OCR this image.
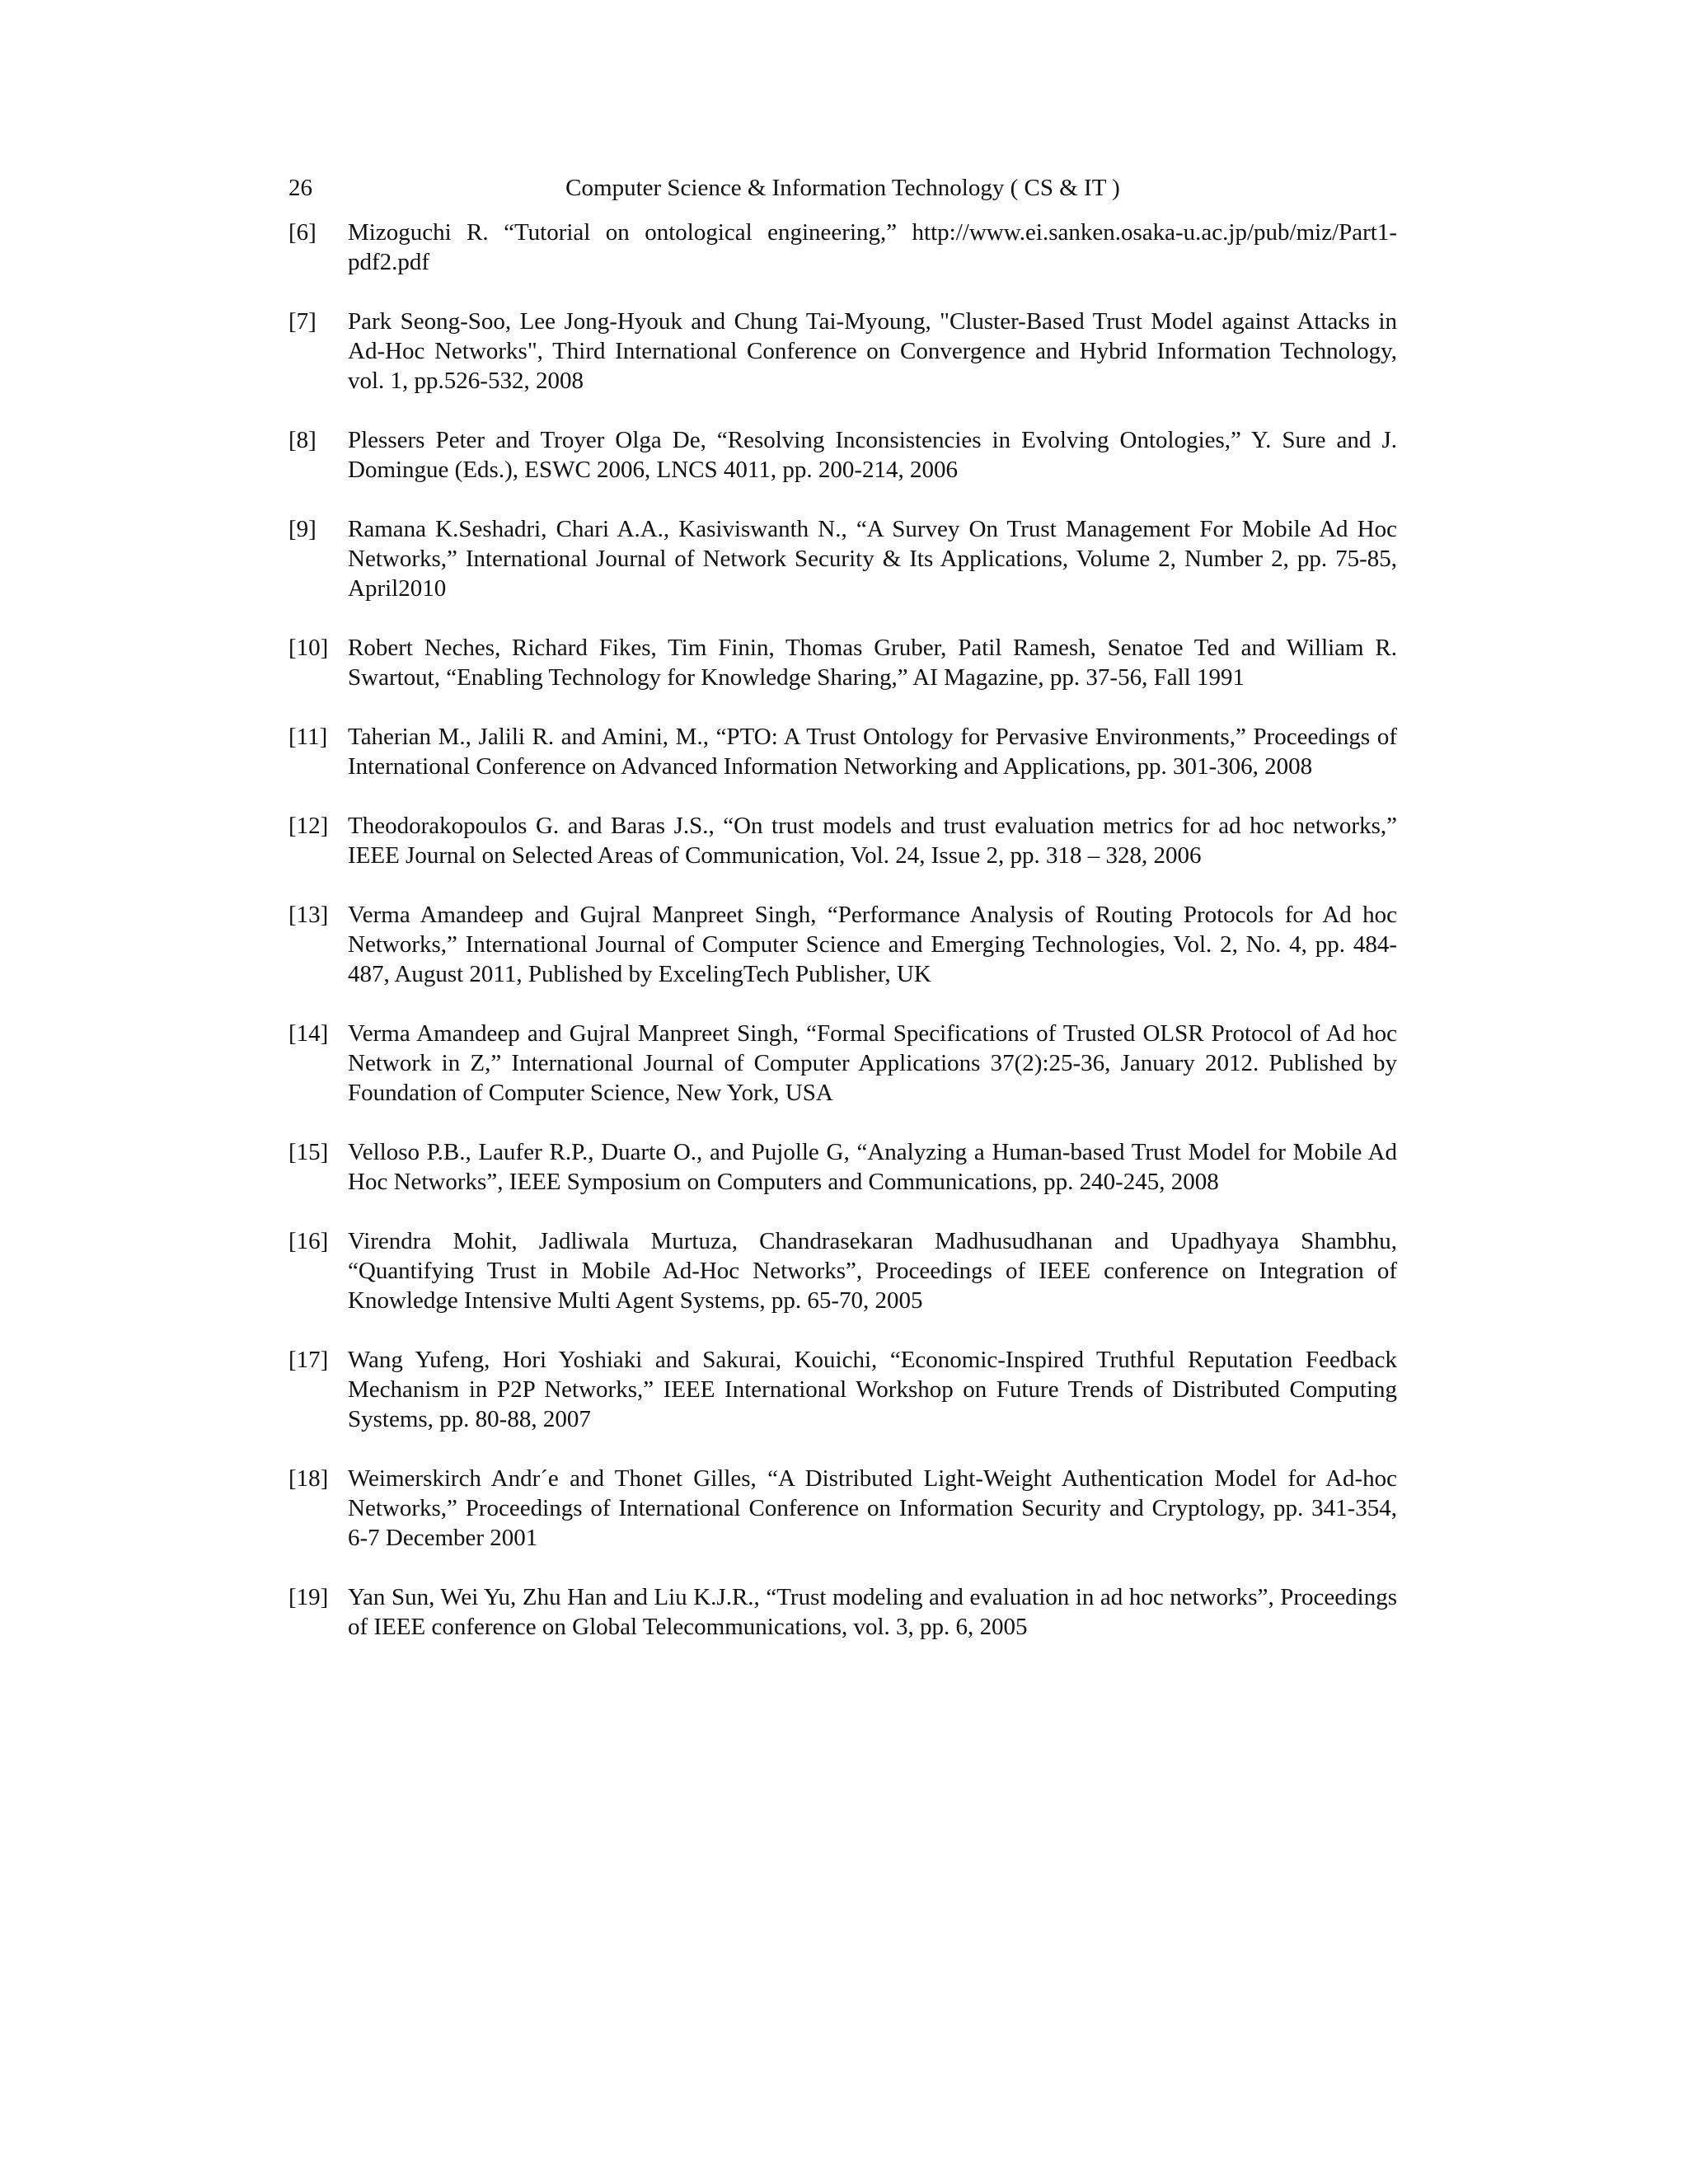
26	Computer Science & Information Technology ( CS & IT )
[6] Mizoguchi R. “Tutorial on ontological engineering,” http://www.ei.sanken.osaka-u.ac.jp/pub/miz/Part1-pdf2.pdf
[7] Park Seong-Soo, Lee Jong-Hyouk and Chung Tai-Myoung, "Cluster-Based Trust Model against Attacks in Ad-Hoc Networks", Third International Conference on Convergence and Hybrid Information Technology, vol. 1, pp.526-532, 2008
[8] Plessers Peter and Troyer Olga De, “Resolving Inconsistencies in Evolving Ontologies,” Y. Sure and J. Domingue (Eds.), ESWC 2006, LNCS 4011, pp. 200-214, 2006
[9] Ramana K.Seshadri, Chari A.A., Kasiviswanth N., “A Survey On Trust Management For Mobile Ad Hoc Networks,” International Journal of Network Security & Its Applications, Volume 2, Number 2, pp. 75-85, April2010
[10] Robert Neches, Richard Fikes, Tim Finin, Thomas Gruber, Patil Ramesh, Senatoe Ted and William R. Swartout, “Enabling Technology for Knowledge Sharing,” AI Magazine, pp. 37-56, Fall 1991
[11] Taherian M., Jalili R. and Amini, M., “PTO: A Trust Ontology for Pervasive Environments,” Proceedings of International Conference on Advanced Information Networking and Applications, pp. 301-306, 2008
[12] Theodorakopoulos G. and Baras J.S., “On trust models and trust evaluation metrics for ad hoc networks,” IEEE Journal on Selected Areas of Communication, Vol. 24, Issue 2, pp. 318 – 328, 2006
[13] Verma Amandeep and Gujral Manpreet Singh, “Performance Analysis of Routing Protocols for Ad hoc Networks,” International Journal of Computer Science and Emerging Technologies, Vol. 2, No. 4, pp. 484-487, August 2011, Published by ExcelingTech Publisher, UK
[14] Verma Amandeep and Gujral Manpreet Singh, “Formal Specifications of Trusted OLSR Protocol of Ad hoc Network in Z,” International Journal of Computer Applications 37(2):25-36, January 2012. Published by Foundation of Computer Science, New York, USA
[15] Velloso P.B., Laufer R.P., Duarte O., and Pujolle G, “Analyzing a Human-based Trust Model for Mobile Ad Hoc Networks”, IEEE Symposium on Computers and Communications, pp. 240-245, 2008
[16] Virendra Mohit, Jadliwala Murtuza, Chandrasekaran Madhusudhanan and Upadhyaya Shambhu, “Quantifying Trust in Mobile Ad-Hoc Networks”, Proceedings of IEEE conference on Integration of Knowledge Intensive Multi Agent Systems, pp. 65-70, 2005
[17] Wang Yufeng, Hori Yoshiaki and Sakurai, Kouichi, “Economic-Inspired Truthful Reputation Feedback Mechanism in P2P Networks,” IEEE International Workshop on Future Trends of Distributed Computing Systems, pp. 80-88, 2007
[18] Weimerskirch Andr´e and Thonet Gilles, “A Distributed Light-Weight Authentication Model for Ad-hoc Networks,” Proceedings of International Conference on Information Security and Cryptology, pp. 341-354, 6-7 December 2001
[19] Yan Sun, Wei Yu, Zhu Han and Liu K.J.R., “Trust modeling and evaluation in ad hoc networks”, Proceedings of IEEE conference on Global Telecommunications, vol. 3, pp. 6, 2005
